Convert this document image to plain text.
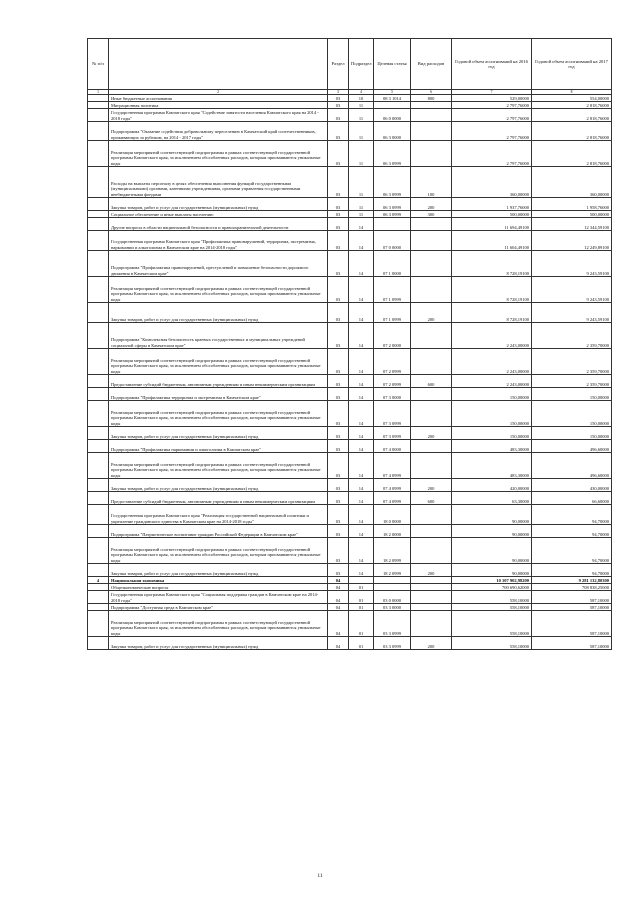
№ п/п		Раздел	Подраздел	Целевая статья	Вид расходов	Годовой объем ассигнований на 2016 год	Годовой объем ассигнований на 2017 год
1	2	3	4	5	6	7	8
	Иные бюджетные ассигнования	03	10	08 3 1014	800	529,00000	554,00000
	Миграционная политика	03	11			2 797,76000	2 818,76000
	Государственная программа Камчатского края "Содействие занятости населения Камчатского края на 2014 - 2018 годы"	03	11	06 0 0000		2 797,76000	2 818,76000
	Подпрограмма "Оказание содействия добровольному переселению в Камчатский край соотечественников, проживающих за рубежом, на 2014 - 2017 годы"	03	11	06 3 0000		2 797,76000	2 818,76000
	Реализация мероприятий соответствующей подпрограммы в рамках соответствующей государственной программы Камчатского края, за исключением обособленных расходов, которым присваиваются уникальные коды	03	11	06 3 0999		2 797,76000	2 818,76000
	Расходы на выплаты персоналу в целях обеспечения выполнения функций государственными (муниципальными) органами, казенными учреждениями, органами управления государственными внебюджетными фондами	03	11	06 3 0999	100	360,00000	360,00000
	Закупка товаров, работ и услуг для государственных (муниципальных) нужд	03	11	06 3 0999	200	1 937,76000	1 958,76000
	Социальное обеспечение и иные выплаты населению	03	11	06 3 0999	300	500,00000	500,00000
	Другие вопросы в области национальной безопасности и правоохранительной деятельности	03	14			11 694,49100	12 344,59100
	Государственная программа Камчатского края "Профилактика правонарушений, терроризма, экстремизма, наркомании и алкоголизма в Камчатском крае на 2014-2018 годы"	03	14	07 0 0000		11 604,49100	12 249,89100
	Подпрограмма "Профилактика правонарушений, преступлений и повышение безопасности дорожного движения в Камчатском крае"	03	14	07 1 0000		8 728,19100	9 243,59100
	Реализация мероприятий соответствующей подпрограммы в рамках соответствующей государственной программы Камчатского края, за исключением обособленных расходов, которым присваиваются уникальные коды	03	14	07 1 0999		8 728,19100	9 243,59100
	Закупка товаров, работ и услуг для государственных (муниципальных) нужд	03	14	07 1 0999	200	8 728,19100	9 243,59100
	Подпрограмма "Комплексная безопасность краевых государственных и муниципальных учреждений социальной сферы в Камчатском крае"	03	14	07 2 0000		2 243,00000	2 359,70000
	Реализация мероприятий соответствующей подпрограммы в рамках соответствующей государственной программы Камчатского края, за исключением обособленных расходов, которым присваиваются уникальные коды	03	14	07 2 0999		2 243,00000	2 359,70000
	Предоставление субсидий бюджетным, автономным учреждениям и иным некоммерческим организациям	03	14	07 2 0999	600	2 243,00000	2 359,70000
	Подпрограмма "Профилактика терроризма и экстремизма в Камчатском крае"	03	14	07 3 0000		150,00000	150,00000
	Реализация мероприятий соответствующей подпрограммы в рамках соответствующей государственной программы Камчатского края, за исключением обособленных расходов, которым присваиваются уникальные коды	03	14	07 3 0999		150,00000	150,00000
	Закупка товаров, работ и услуг для государственных (муниципальных) нужд	03	14	07 3 0999	200	150,00000	150,00000
	Подпрограмма "Профилактика наркомании и алкоголизма в Камчатском крае"	03	14	07 4 0000		483,30000	496,60000
	Реализация мероприятий соответствующей подпрограммы в рамках соответствующей государственной программы Камчатского края, за исключением обособленных расходов, которым присваиваются уникальные коды	03	14	07 4 0999		483,30000	496,60000
	Закупка товаров, работ и услуг для государственных (муниципальных) нужд	03	14	07 4 0999	200	420,00000	430,00000
	Предоставление субсидий бюджетным, автономным учреждениям и иным некоммерческим организациям	03	14	07 4 0999	600	63,30000	66,60000
	Государственная программа Камчатского края "Реализация государственной национальной политики и укрепление гражданского единства в Камчатском крае на 2014-2018 годы"	03	14	18 0 0000		90,00000	94,70000
	Подпрограмма "Патриотическое воспитание граждан Российской Федерации в Камчатском крае"	03	14	18 2 0000		90,00000	94,70000
	Реализация мероприятий соответствующей подпрограммы в рамках соответствующей государственной программы Камчатского края, за исключением обособленных расходов, которым присваиваются уникальные коды	03	14	18 2 0999		90,00000	94,70000
	Закупка товаров, работ и услуг для государственных (муниципальных) нужд	03	14	18 2 0999	200	90,00000	94,70000
4	Национальная экономика	04				10 107 902,98200	9 281 132,80300
	Общеэкономические вопросы	04	01			700 690,62000	708 838,25000
	Государственная программа Камчатского края "Социальная поддержка граждан в Камчатском крае на 2014-2018 годы"	04	01	03 0 0000		558,10000	587,10000
	Подпрограмма "Доступная среда в Камчатском крае"	04	01	03 3 0000		558,10000	587,10000
	Реализация мероприятий соответствующей подпрограммы в рамках соответствующей государственной программы Камчатского края, за исключением обособленных расходов, которым присваиваются уникальные коды	04	01	03 3 0999		558,10000	587,10000
	Закупка товаров, работ и услуг для государственных (муниципальных) нужд	04	01	03 3 0999	200	558,10000	587,10000
11
